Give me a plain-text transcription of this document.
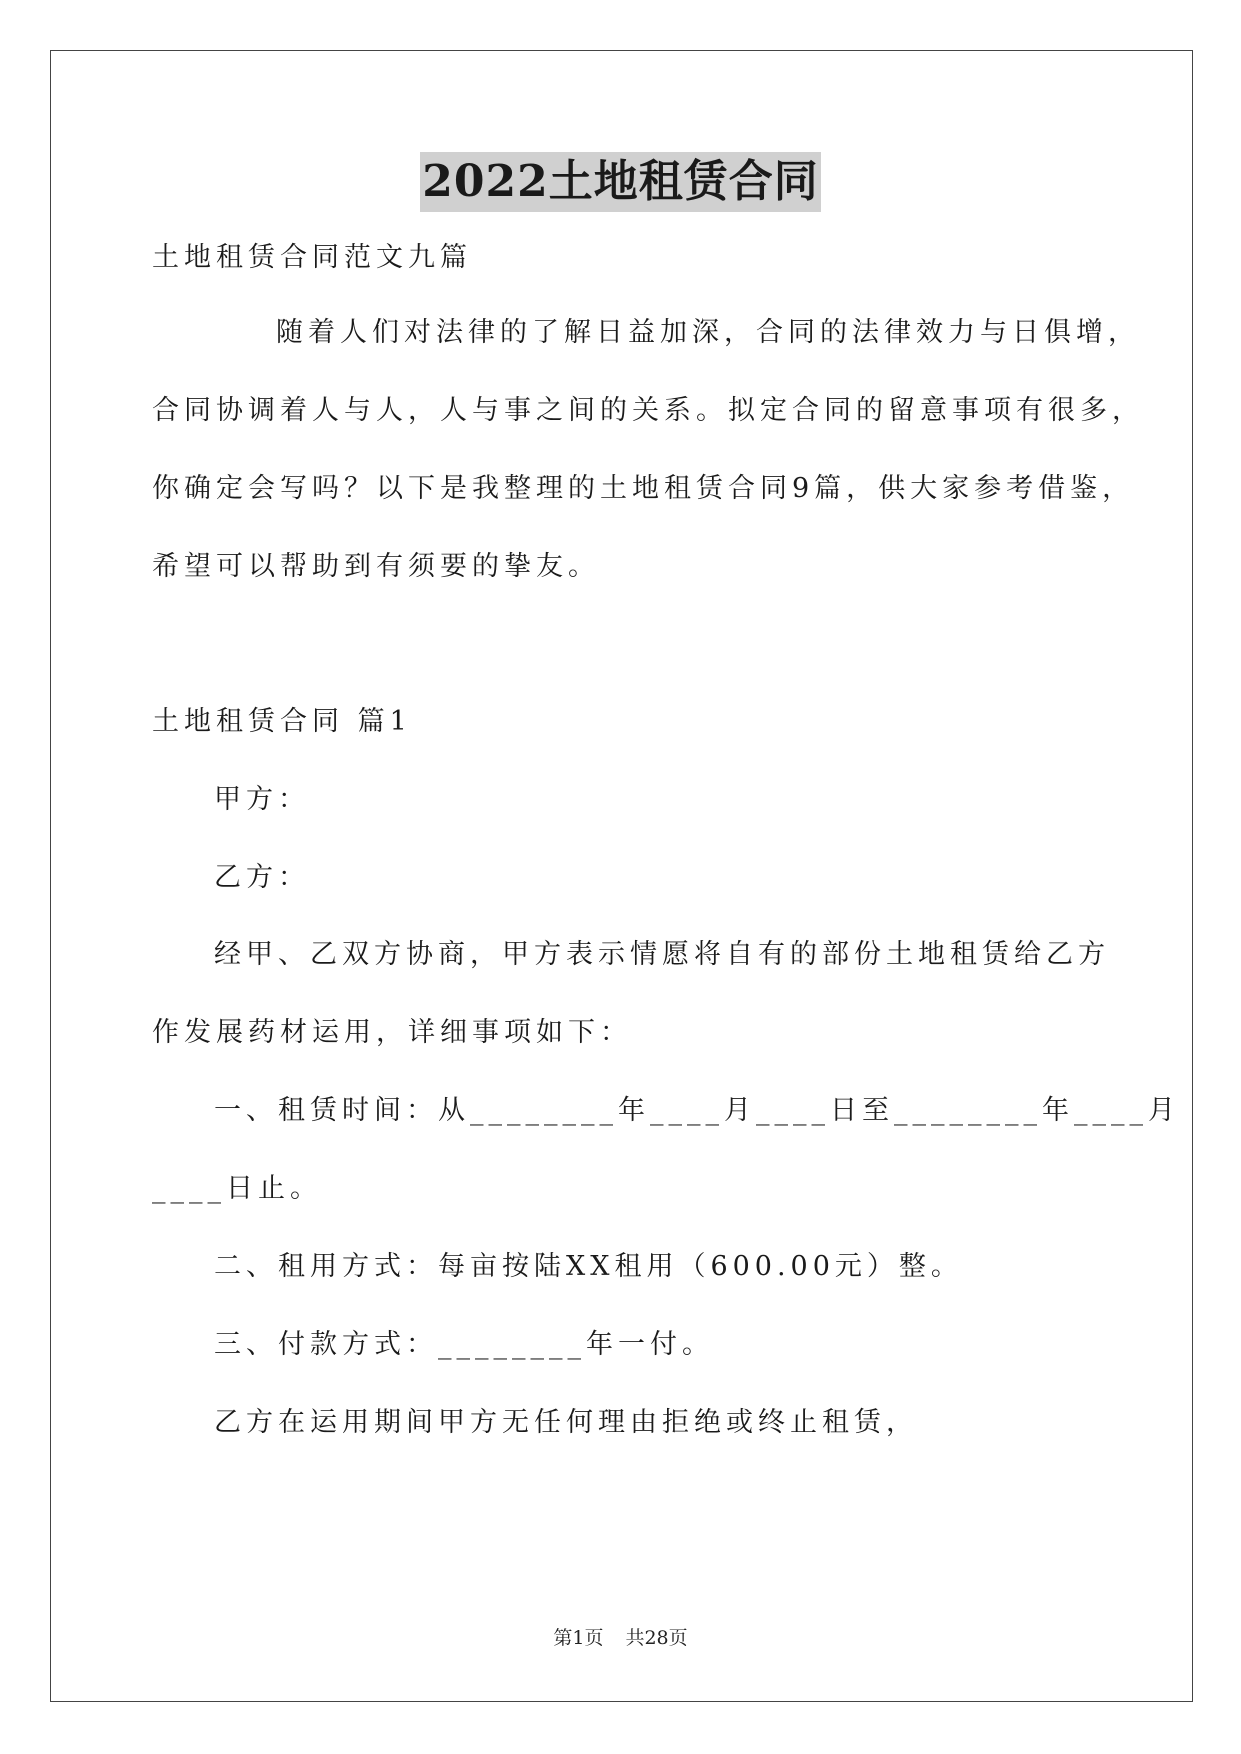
2022土地租赁合同
土地租赁合同范文九篇
随着人们对法律的了解日益加深，合同的法律效力与日俱增，
合同协调着人与人，人与事之间的关系。拟定合同的留意事项有很多，
你确定会写吗？以下是我整理的土地租赁合同9篇，供大家参考借鉴，
希望可以帮助到有须要的挚友。
土地租赁合同 篇1
甲方：
乙方：
经甲、乙双方协商，甲方表示情愿将自有的部份土地租赁给乙方
作发展药材运用，详细事项如下：
一、租赁时间：从________年____月____日至________年____月
____日止。
二、租用方式：每亩按陆XX租用（600.00元）整。
三、付款方式：________年一付。
乙方在运用期间甲方无任何理由拒绝或终止租赁，
第1页 共28页
